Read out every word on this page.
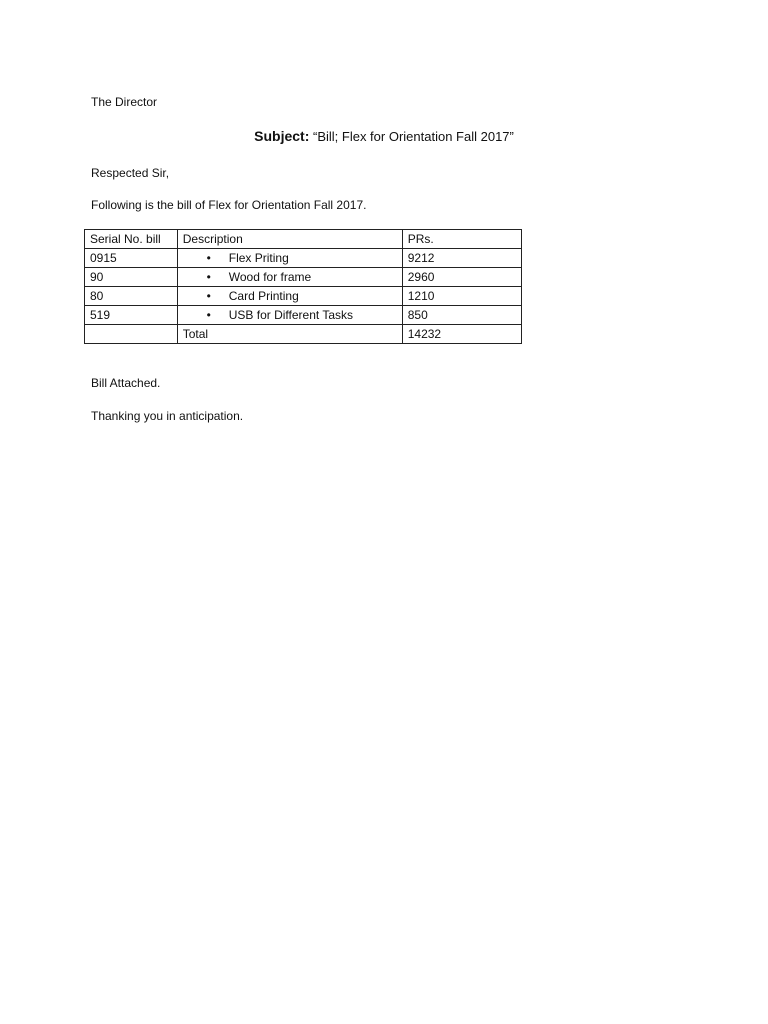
The Director
Subject: “Bill; Flex for Orientation Fall 2017”
Respected Sir,
Following is the bill of Flex for Orientation Fall 2017.
Serial No. bill	Description	PRs.
0915	• Flex Priting	9212
90	• Wood for frame	2960
80	• Card Printing	1210
519	• USB for Different Tasks	850
	Total	14232
Bill Attached.
Thanking you in anticipation.
